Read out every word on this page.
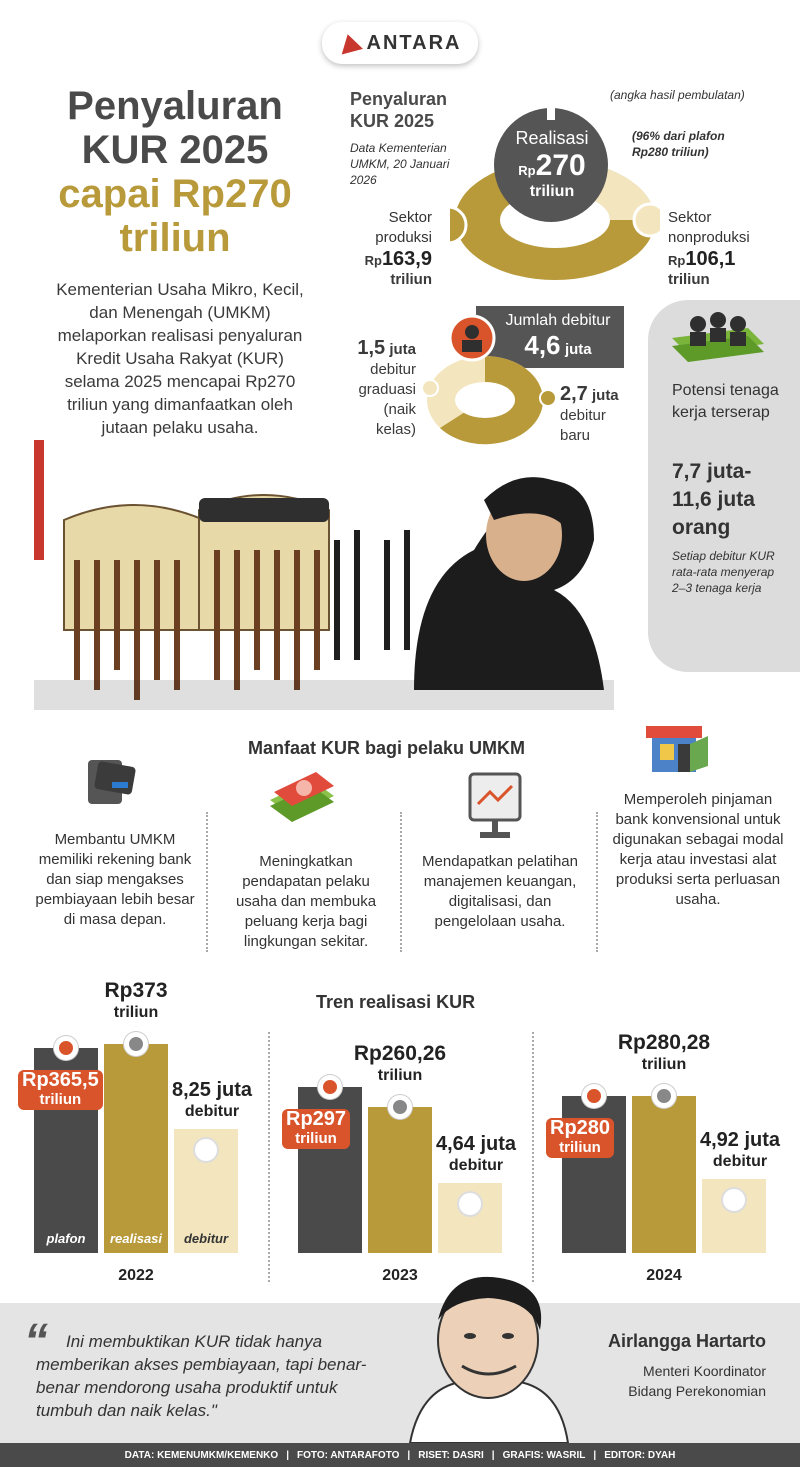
ANTARA
Penyaluran KUR 2025
capai Rp270 triliun
Kementerian Usaha Mikro, Kecil, dan Menengah (UMKM) melaporkan realisasi penyaluran Kredit Usaha Rakyat (KUR) selama 2025 mencapai Rp270 triliun yang dimanfaatkan oleh jutaan pelaku usaha.
Penyaluran KUR 2025
Data Kementerian UMKM, 20 Januari 2026
(angka hasil pembulatan)
(96% dari plafon Rp280 triliun)
Realisasi
Rp270
triliun
Sektor produksi
Rp163,9
triliun
Sektor nonproduksi
Rp106,1
triliun
Potensi tenaga kerja terserap
7,7 juta-11,6 juta orang
Setiap debitur KUR rata-rata menyerap 2–3 tenaga kerja
Jumlah debitur
4,6 juta
1,5 juta
debitur graduasi (naik kelas)
2,7 juta
debitur baru
Manfaat KUR bagi pelaku UMKM
Membantu UMKM memiliki rekening bank dan siap mengakses pembiayaan lebih besar di masa depan.
Meningkatkan pendapatan pelaku usaha dan membuka peluang kerja bagi lingkungan sekitar.
Mendapatkan pelatihan manajemen keuangan, digitalisasi, dan pengelolaan usaha.
Memperoleh pinjaman bank konvensional untuk digunakan sebagai modal kerja atau investasi alat produksi serta perluasan usaha.
Tren realisasi KUR
plafon	realisasi	debitur
Rp365,5
triliun
Rp373
triliun
8,25 juta
debitur
2022
Rp297
triliun
Rp260,26
triliun
4,64 juta
debitur
2023
Rp280
triliun
Rp280,28
triliun
4,92 juta
debitur
2024
“	Ini membuktikan KUR tidak hanya memberikan akses pembiayaan, tapi benar-benar mendorong usaha produktif untuk tumbuh dan naik kelas."
Airlangga Hartarto
Menteri Koordinator Bidang Perekonomian
DATA: KEMENUMKM/KEMENKO | FOTO: ANTARAFOTO | RISET: DASRI | GRAFIS: WASRIL | EDITOR: DYAH
